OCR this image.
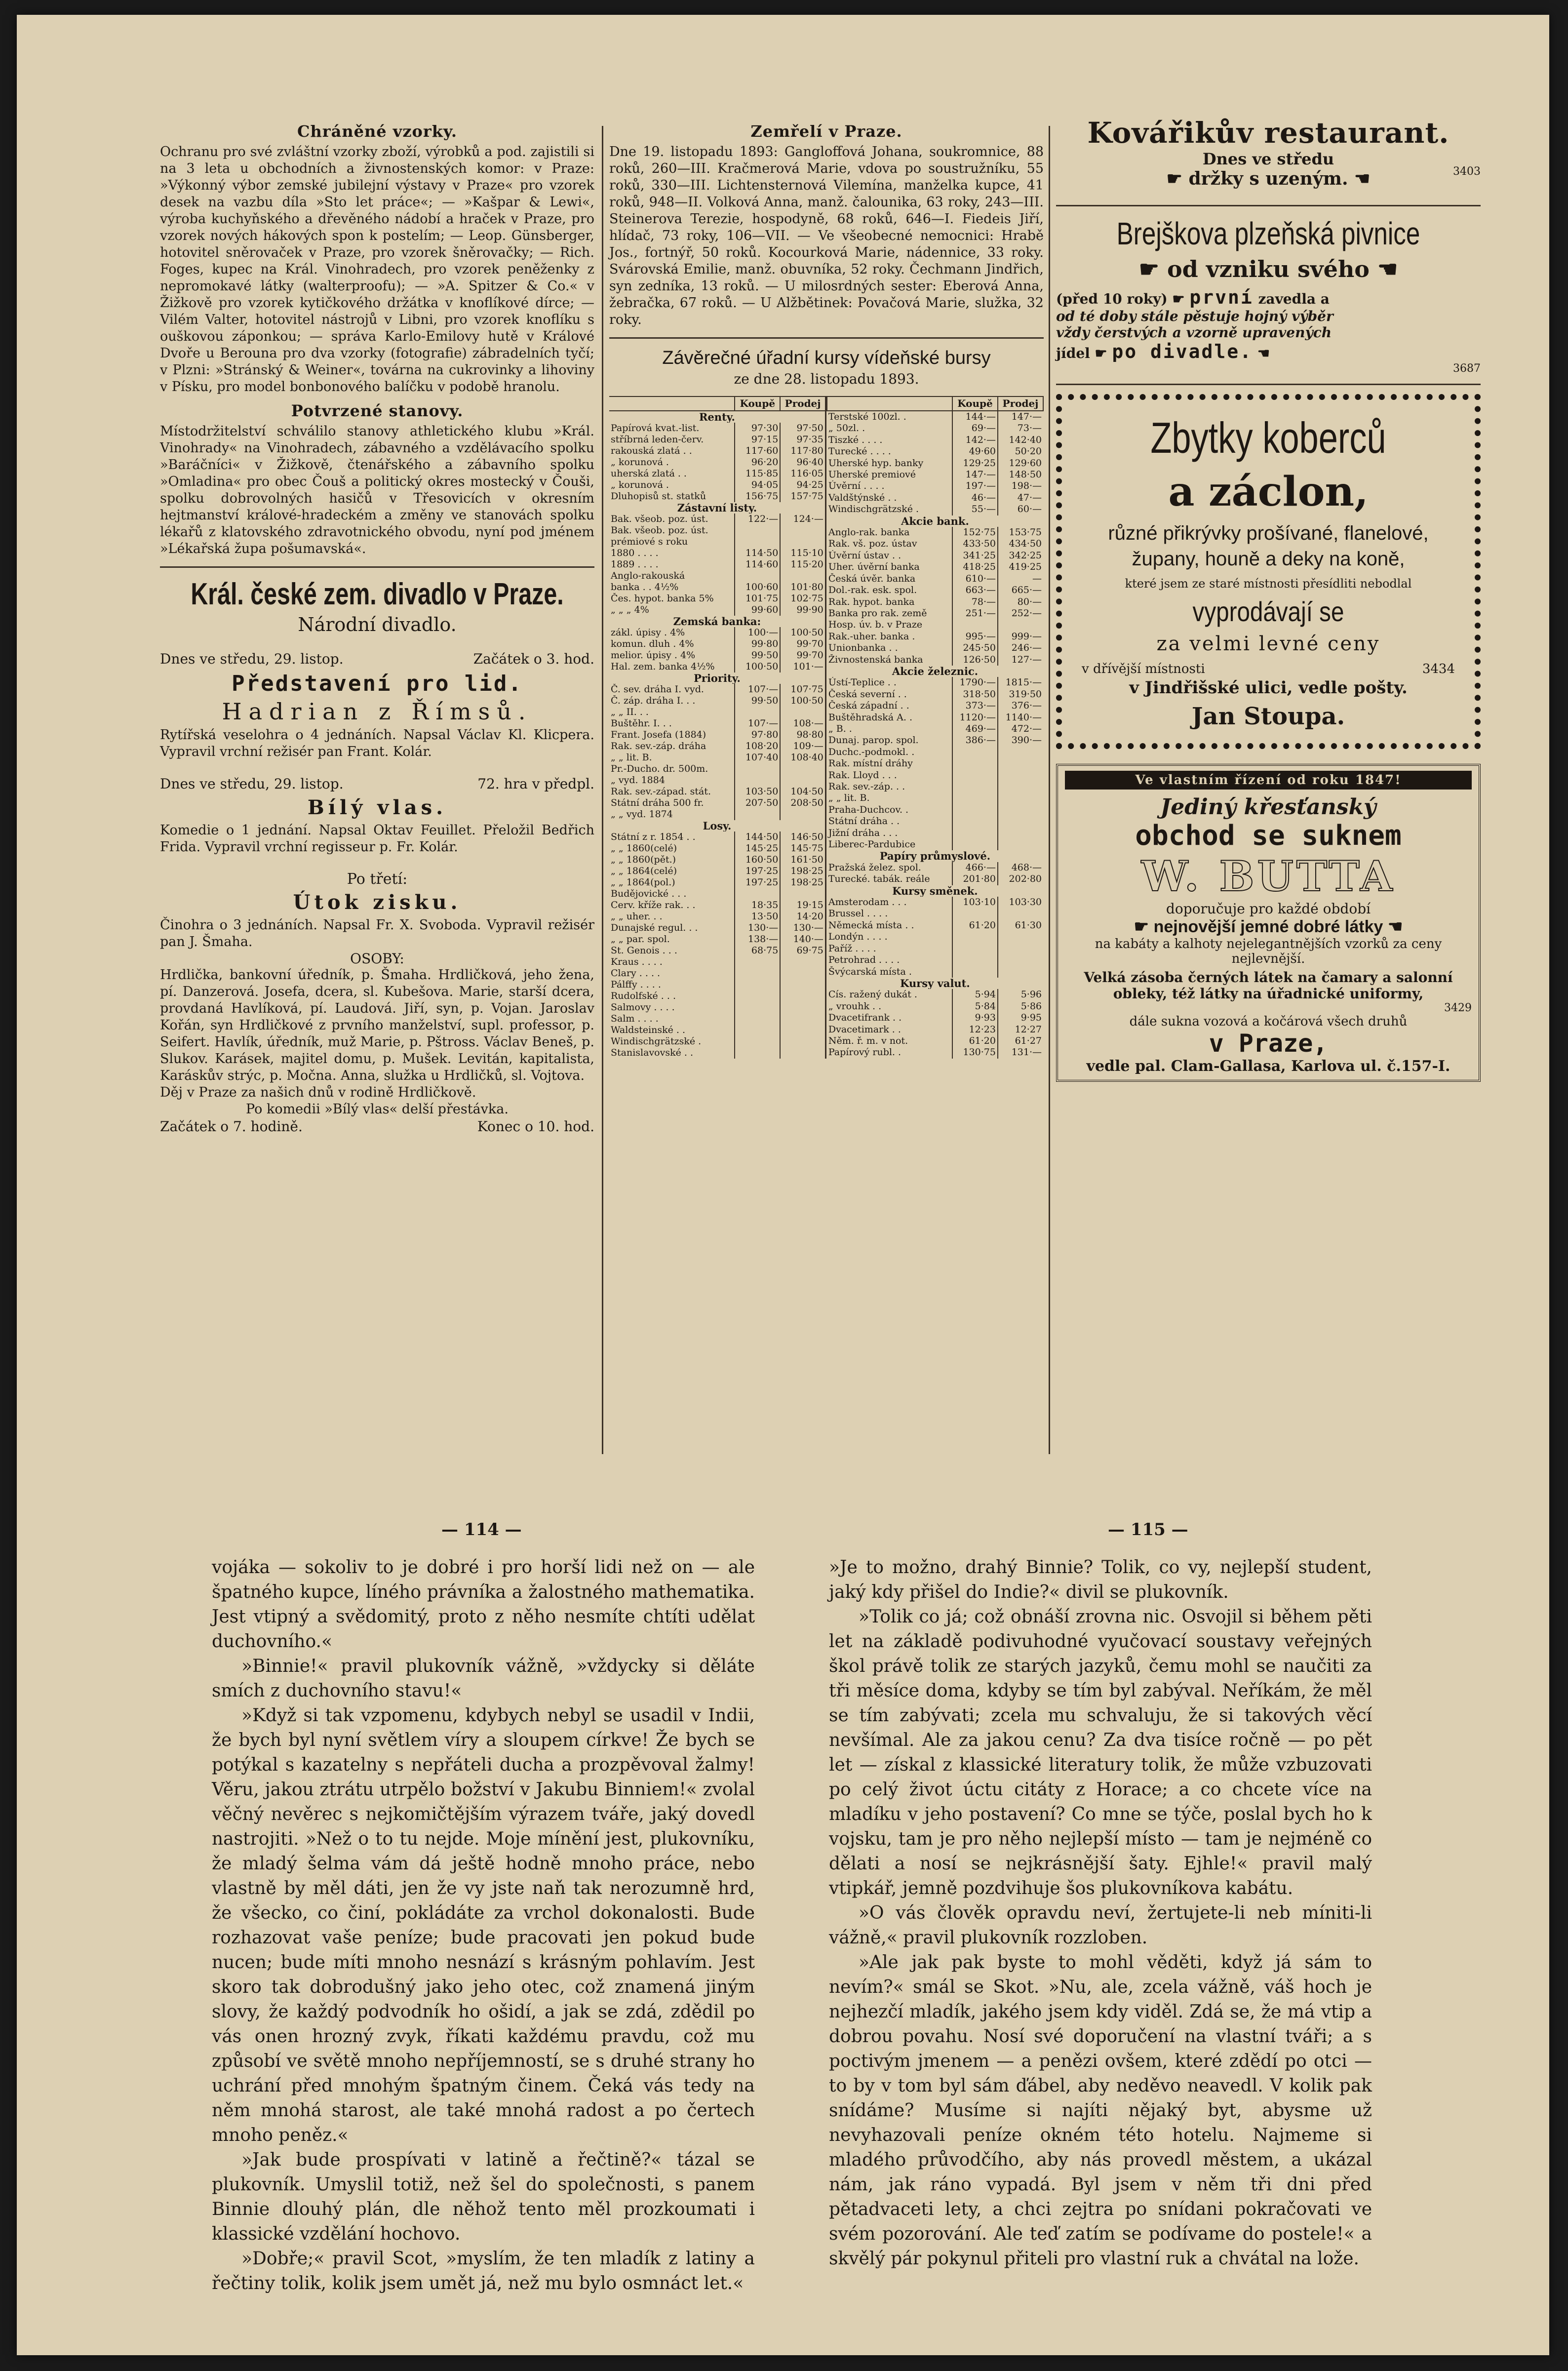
Chráněné vzorky.

Ochranu pro své zvláštní vzorky zboží, výrobků a pod. zajistili si na 3 leta u obchodních a živnostenských komor: v Praze: »Výkonný výbor zemské jubilejní výstavy v Praze« pro vzorek desek na vazbu díla »Sto let práce«; — »Kašpar & Lewi«, výroba kuchyňského a dřevěného nádobí a hraček v Praze, pro vzorek nových hákových spon k postelím; — Leop. Günsberger, hotovitel sněrovaček v Praze, pro vzorek šněrovačky; — Rich. Foges, kupec na Král. Vinohradech, pro vzorek peněženky z nepromokavé látky (walterproofu); — »A. Spitzer & Co.« v Žižkově pro vzorek kytičkového držátka v knoflíkové dírce; — Vilém Valter, hotovitel nástrojů v Libni, pro vzorek knoflíku s ouškovou záponkou; — správa Karlo-Emilovy hutě v Králové Dvoře u Berouna pro dva vzorky (fotografie) zábradelních tyčí; v Plzni: »Stránský & Weiner«, továrna na cukrovinky a lihoviny v Písku, pro model bonbonového balíčku v podobě hranolu.

Potvrzené stanovy.

Místodržitelství schválilo stanovy athletického klubu »Král. Vinohrady« na Vinohradech, zábavného a vzdělávacího spolku »Baráčníci« v Žižkově, čtenářského a zábavního spolku »Omladina« pro obec Čouš a politický okres mostecký v Čouši, spolku dobrovolných hasičů v Třesovicích v okresním hejtmanství králové-hradeckém a změny ve stanovách spolku lékařů z klatovského zdravotnického obvodu, nyní pod jménem »Lékařská župa pošumavská«.

Král. české zem. divadlo v Praze.
Národní divadlo.
Dnes ve středu, 29. listop.	Začátek o 3. hod.
Představení pro lid.
Hadrian z Římsů.

Rytířská veselohra o 4 jednáních. Napsal Václav Kl. Klicpera. Vypravil vrchní režisér pan Frant. Kolár.

Dnes ve středu, 29. listop.	72. hra v předpl.
Bílý vlas.

Komedie o 1 jednání. Napsal Oktav Feuillet. Přeložil Bedřich Frida. Vypravil vrchní regisseur p. Fr. Kolár.

Po třetí:
Útok zisku.

Činohra o 3 jednáních. Napsal Fr. X. Svoboda. Vypravil režisér pan J. Šmaha.

OSOBY:

Hrdlička, bankovní úředník, p. Šmaha. Hrdličková, jeho žena, pí. Danzerová. Josefa, dcera, sl. Kubešova. Marie, starší dcera, provdaná Havlíková, pí. Laudová. Jiří, syn, p. Vojan. Jaroslav Kořán, syn Hrdličkové z prvního manželství, supl. professor, p. Seifert. Havlík, úředník, muž Marie, p. Pštross. Václav Beneš, p. Slukov. Karásek, majitel domu, p. Mušek. Levitán, kapitalista, Karáskův strýc, p. Močna. Anna, služka u Hrdličků, sl. Vojtova.

Děj v Praze za našich dnů v rodině Hrdličkově.

Po komedii »Bílý vlas« delší přestávka.

Začátek o 7. hodině.	Konec o 10. hod.
Zemřelí v Praze.

Dne 19. listopadu 1893: Gangloffová Johana, soukromnice, 88 roků, 260—III. Kračmerová Marie, vdova po soustružníku, 55 roků, 330—III. Lichtensternová Vilemína, manželka kupce, 41 roků, 948—II. Volková Anna, manž. čalounika, 63 roky, 243—III. Steinerova Terezie, hospodyně, 68 roků, 646—I. Fiedeis Jiří, hlídač, 73 roky, 106—VII. — Ve všeobecné nemocnici: Hrabě Jos., fortnýř, 50 roků. Kocourková Marie, nádennice, 33 roky. Svárovská Emilie, manž. obuvníka, 52 roky. Čechmann Jindřich, syn zedníka, 13 roků. — U milosrdných sester: Eberová Anna, žebračka, 67 roků. — U Alžbětinek: Povačová Marie, služka, 32 roky.

Závěrečné úřadní kursy vídeňské bursy
ze dne 28. listopadu 1893.
	Koupě	Prodej
Renty.		
Papírová kvat.-list.	97·30	97·50
stříbrná leden-červ.	97·15	97·35
rakouská zlatá . .	117·60	117·80
„ korunová .	96·20	96·40
uherská zlatá . .	115·85	116·05
„ korunová .	94·05	94·25
Dluhopisů st. statků	156·75	157·75
Zástavní listy.		
Bak. všeob. poz. úst.	122·—	124·—
Bak. všeob. poz. úst.		
prémiové s roku		
1880 . . . .	114·50	115·10
1889 . . . .	114·60	115·20
Anglo-rakouská		
banka . . 4½%	100·60	101·80
Čes. hypot. banka 5%	101·75	102·75
„ „ „ 4%	99·60	99·90
Zemská banka:		
zákl. úpisy . 4%	100·—	100·50
komun. dluh . 4%	99·80	99·70
melior. úpisy . 4%	99·50	99·70
Hal. zem. banka 4½%	100·50	101·—
Priority.		
Č. sev. dráha I. vyd.	107·—	107·75
Č. záp. dráha I. . .	99·50	100·50
„ „ II. . .		
Buštěhr. I. . .	107·—	108·—
Frant. Josefa (1884)	97·80	98·80
Rak. sev.-záp. dráha	108·20	109·—
„ „ lit. B.	107·40	108·40
Pr.-Ducho. dr. 500m.		
„ vyd. 1884		
Rak. sev.-západ. stát.	103·50	104·50
Státní dráha 500 fr.	207·50	208·50
„ „ vyd. 1874		
Losy.		
Státní z r. 1854 . .	144·50	146·50
„ „ 1860(celé)	145·25	145·75
„ „ 1860(pět.)	160·50	161·50
„ „ 1864(celé)	197·25	198·25
„ „ 1864(pol.)	197·25	198·25
Budějovické . . .		
Cerv. kříže rak. . .	18·35	19·15
„ „ uher. . .	13·50	14·20
Dunajské regul. . .	130·—	130·—
„ „ par. spol.	138·—	140·—
St. Genois . . .	68·75	69·75
Kraus . . . .		
Clary . . . .		
Pálffy . . . .		
Rudolfské . . .		
Salmovy . . . .		
Salm . . . .		
Waldsteinské . .		
Windischgrätzské .		
Stanislavovské . .		
	Koupě	Prodej
Terstské 100zl. .	144·—	147·—
„ 50zl. .	69·—	73·—
Tiszké . . . .	142·—	142·40
Turecké . . . .	49·60	50·20
Uherské hyp. banky	129·25	129·60
Uherské premiové	147·—	148·50
Úvěrní . . . .	197·—	198·—
Valdštýnské . .	46·—	47·—
Windischgrätzské .	55·—	60·—
Akcie bank.		
Anglo-rak. banka	152·75	153·75
Rak. vš. poz. ústav	433·50	434·50
Úvěrní ústav . .	341·25	342·25
Uher. úvěrní banka	418·25	419·25
Česká úvěr. banka	610·—	—
Dol.-rak. esk. spol.	663·—	665·—
Rak. hypot. banka	78·—	80·—
Banka pro rak. země	251·—	252·—
Hosp. úv. b. v Praze		
Rak.-uher. banka .	995·—	999·—
Unionbanka . .	245·50	246·—
Živnostenská banka	126·50	127·—
Akcie železnic.		
Ústí-Teplice . .	1790·—	1815·—
Česká severní . .	318·50	319·50
Česká západní . .	373·—	376·—
Buštěhradská A. .	1120·—	1140·—
„ B. .	469·—	472·—
Dunaj. parop. spol.	386·—	390·—
Duchc.-podmokl. .		
Rak. místní dráhy		
Rak. Lloyd . . .		
Rak. sev.-záp. . .		
„ „ lit. B.		
Praha-Duchcov. .		
Státní dráha . .		
Jižní dráha . . .		
Liberec-Pardubice		
Papíry průmyslové.		
Pražská želez. spol.	466·—	468·—
Turecké. tabák. reále	201·80	202·80
Kursy směnek.		
Amsterodam . . .	103·10	103·30
Brussel . . . .		
Německá místa . .	61·20	61·30
Londýn . . . .		
Paříž . . . .		
Petrohrad . . . .		
Švýcarská místa .		
Kursy valut.		
Cís. ražený dukát .	5·94	5·96
„ vrouhk . .	5·84	5·86
Dvacetifrank . .	9·93	9·95
Dvacetimark . .	12·23	12·27
Něm. ř. m. v not.	61·20	61·27
Papírový rubl. .	130·75	131·—
Kovářikův restaurant.
Dnes ve středu
3403
☛ držky s uzeným. ☚
Brejškova plzeňská pivnice
☛ od vzniku svého ☚
(před 10 roky) ☛ první zavedla a
od té doby stále pěstuje hojný výběr
vždy čerstvých a vzorně upravených
jídel ☛ po divadle. ☚
3687
Zbytky koberců
a záclon,
různé přikrývky prošívané, flanelové, župany, houně a deky na koně,
které jsem ze staré místnosti přesídliti nebodlal
vyprodávají se
za velmi levné ceny
v dřívější místnosti	3434
v Jindřišské ulici, vedle pošty.
Jan Stoupa.
Ve vlastním řízení od roku 1847!
Jediný křesťanský
obchod se suknem
W. BUTTA
doporučuje pro každé období
☛ nejnovější jemné dobré látky ☚
na kabáty a kalhoty nejelegantnějších vzorků za ceny nejlevnější.
Velká zásoba černých látek na čamary a salonní obleky, též látky na úřadnické uniformy,
3429
dále sukna vozová a kočárová všech druhů
v Praze,
vedle pal. Clam-Gallasa, Karlova ul. č.157-I.
— 114 —	— 115 —

vojáka — sokoliv to je dobré i pro horší lidi než on — ale špatného kupce, líného právníka a žalostného mathematika. Jest vtipný a svědomitý, proto z něho nesmíte chtíti udělat duchovního.«

»Binnie!« pravil plukovník vážně, »vždycky si děláte smích z duchovního stavu!«

»Když si tak vzpomenu, kdybych nebyl se usadil v Indii, že bych byl nyní světlem víry a sloupem církve! Že bych se potýkal s kazatelny s nepřáteli ducha a prozpěvoval žalmy! Věru, jakou ztrátu utrpělo božství v Jakubu Binniem!« zvolal věčný nevěrec s nejkomičtějším výrazem tváře, jaký dovedl nastrojiti. »Než o to tu nejde. Moje mínění jest, plukovníku, že mladý šelma vám dá ještě hodně mnoho práce, nebo vlastně by měl dáti, jen že vy jste naň tak nerozumně hrd, že všecko, co činí, pokládáte za vrchol dokonalosti. Bude rozhazovat vaše peníze; bude pracovati jen pokud bude nucen; bude míti mnoho nesnází s krásným pohlavím. Jest skoro tak dobrodušný jako jeho otec, což znamená jiným slovy, že každý podvodník ho ošidí, a jak se zdá, zdědil po vás onen hrozný zvyk, říkati každému pravdu, což mu způsobí ve světě mnoho nepříjemností, se s druhé strany ho uchrání před mnohým špatným činem. Čeká vás tedy na něm mnohá starost, ale také mnohá radost a po čertech mnoho peněz.«

»Jak bude prospívati v latině a řečtině?« tázal se plukovník. Umyslil totiž, než šel do společnosti, s panem Binnie dlouhý plán, dle něhož tento měl prozkoumati i klassické vzdělání hochovo.

»Dobře;« pravil Scot, »myslím, že ten mladík z latiny a řečtiny tolik, kolik jsem umět já, než mu bylo osmnáct let.«

»Je to možno, drahý Binnie? Tolik, co vy, nejlepší student, jaký kdy přišel do Indie?« divil se plukovník.

»Tolik co já; což obnáší zrovna nic. Osvojil si během pěti let na základě podivuhodné vyučovací soustavy veřejných škol právě tolik ze starých jazyků, čemu mohl se naučiti za tři měsíce doma, kdyby se tím byl zabýval. Neříkám, že měl se tím zabývati; zcela mu schvaluju, že si takových věcí nevšímal. Ale za jakou cenu? Za dva tisíce ročně — po pět let — získal z klassické literatury tolik, že může vzbuzovati po celý život úctu citáty z Horace; a co chcete více na mladíku v jeho postavení? Co mne se týče, poslal bych ho k vojsku, tam je pro něho nejlepší místo — tam je nejméně co dělati a nosí se nejkrásnější šaty. Ejhle!« pravil malý vtipkář, jemně pozdvihuje šos plukovníkova kabátu.

»O vás člověk opravdu neví, žertujete-li neb míniti-li vážně,« pravil plukovník rozzloben.

»Ale jak pak byste to mohl věděti, když já sám to nevím?« smál se Skot. »Nu, ale, zcela vážně, váš hoch je nejhezčí mladík, jakého jsem kdy viděl. Zdá se, že má vtip a dobrou povahu. Nosí své doporučení na vlastní tváři; a s poctivým jmenem — a penězi ovšem, které zdědí po otci — to by v tom byl sám ďábel, aby neděvo neavedl. V kolik pak snídáme? Musíme si najíti nějaký byt, abysme už nevyhazovali peníze okném této hotelu. Najmeme si mladého průvodčího, aby nás provedl městem, a ukázal nám, jak ráno vypadá. Byl jsem v něm tři dni před pětadvaceti lety, a chci zejtra po snídani pokračovati ve svém pozorování. Ale teď zatím se podívame do postele!« a skvělý pár pokynul přiteli pro vlastní ruk a chvátal na lože.
